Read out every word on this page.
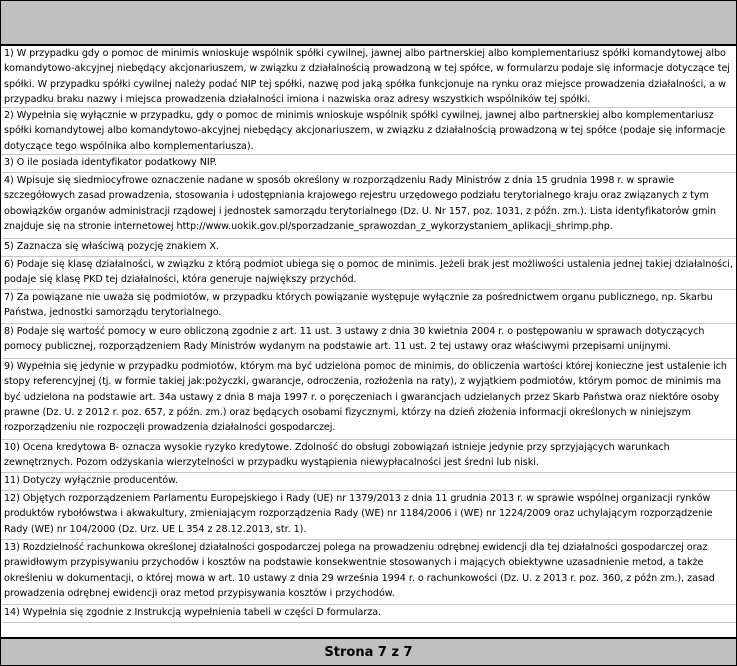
1) W przypadku gdy o pomoc de minimis wnioskuje wspólnik spółki cywilnej, jawnej albo partnerskiej albo komplementariusz spółki komandytowej albo komandytowo-akcyjnej niebędący akcjonariuszem, w związku z działalnością prowadzoną w tej spółce, w formularzu podaje się informacje dotyczące tej spółki. W przypadku spółki cywilnej należy podać NIP tej spółki, nazwę pod jaką spółka funkcjonuje na rynku oraz miejsce prowadzenia działalności, a w przypadku braku nazwy i miejsca prowadzenia działalności imiona i nazwiska oraz adresy wszystkich wspólników tej spółki.
2) Wypełnia się wyłącznie w przypadku, gdy o pomoc de minimis wnioskuje wspólnik spółki cywilnej, jawnej albo partnerskiej albo komplementariusz spółki komandytowej albo komandytowo-akcyjnej niebędący akcjonariuszem, w związku z działalnością prowadzoną w tej spółce (podaje się informacje dotyczące tego wspólnika albo komplementariusza).
3) O ile posiada identyfikator podatkowy NIP.
4) Wpisuje się siedmiocyfrowe oznaczenie nadane w sposób określony w rozporządzeniu Rady Ministrów z dnia 15 grudnia 1998 r. w sprawie szczegółowych zasad prowadzenia, stosowania i udostępniania krajowego rejestru urzędowego podziału terytorialnego kraju oraz związanych z tym obowiązków organów administracji rządowej i jednostek samorządu terytorialnego (Dz. U. Nr 157, poz. 1031, z późn. zm.). Lista identyfikatorów gmin znajduje się na stronie internetowej http://www.uokik.gov.pl/sporzadzanie_sprawozdan_z_wykorzystaniem_aplikacji_shrimp.php.
5) Zaznacza się właściwą pozycję znakiem X.
6) Podaje się klasę działalności, w związku z którą podmiot ubiega się o pomoc de minimis. Jeżeli brak jest możliwości ustalenia jednej takiej działalności, podaje się klasę PKD tej działalności, która generuje największy przychód.
7) Za powiązane nie uważa się podmiotów, w przypadku których powiązanie występuje wyłącznie za pośrednictwem organu publicznego, np. Skarbu Państwa, jednostki samorządu terytorialnego.
8) Podaje się wartość pomocy w euro obliczoną zgodnie z art. 11 ust. 3 ustawy z dnia 30 kwietnia 2004 r. o postępowaniu w sprawach dotyczących pomocy publicznej, rozporządzeniem Rady Ministrów wydanym na podstawie art. 11 ust. 2 tej ustawy oraz właściwymi przepisami unijnymi.
9) Wypełnia się jedynie w przypadku podmiotów, którym ma być udzielona pomoc de minimis, do obliczenia wartości której konieczne jest ustalenie ich stopy referencyjnej (tj. w formie takiej jak:pożyczki, gwarancje, odroczenia, rozłożenia na raty), z wyjątkiem podmiotów, którym pomoc de minimis ma być udzielona na podstawie art. 34a ustawy z dnia 8 maja 1997 r. o poręczeniach i gwarancjach udzielanych przez Skarb Państwa oraz niektóre osoby prawne (Dz. U. z 2012 r. poz. 657, z późn. zm.) oraz będących osobami fizycznymi, którzy na dzień złożenia informacji określonych w niniejszym rozporządzeniu nie rozpoczęli prowadzenia działalności gospodarczej.
10) Ocena kredytowa B- oznacza wysokie ryzyko kredytowe. Zdolność do obsługi zobowiązań istnieje jedynie przy sprzyjających warunkach zewnętrznych. Pozom odzyskania wierzytelności w przypadku wystąpienia niewypłacalności jest średni lub niski.
11) Dotyczy wyłącznie producentów.
12) Objętych rozporządzeniem Parlamentu Europejskiego i Rady (UE) nr 1379/2013 z dnia 11 grudnia 2013 r. w sprawie wspólnej organizacji rynków produktów rybołówstwa i akwakultury, zmieniającym rozporządzenia Rady (WE) nr 1184/2006 i (WE) nr 1224/2009 oraz uchylającym rozporządzenie Rady (WE) nr 104/2000 (Dz. Urz. UE L 354 z 28.12.2013, str. 1).
13) Rozdzielność rachunkowa określonej działalności gospodarczej polega na prowadzeniu odrębnej ewidencji dla tej działalności gospodarczej oraz prawidłowym przypisywaniu przychodów i kosztów na podstawie konsekwentnie stosowanych i mających obiektywne uzasadnienie metod, a także określeniu w dokumentacji, o której mowa w art. 10 ustawy z dnia 29 września 1994 r. o rachunkowości (Dz. U. z 2013 r. poz. 360, z późn zm.), zasad prowadzenia odrębnej ewidencji oraz metod przypisywania kosztów i przychodów.
14) Wypełnia się zgodnie z Instrukcją wypełnienia tabeli w części D formularza.
Strona 7 z 7
